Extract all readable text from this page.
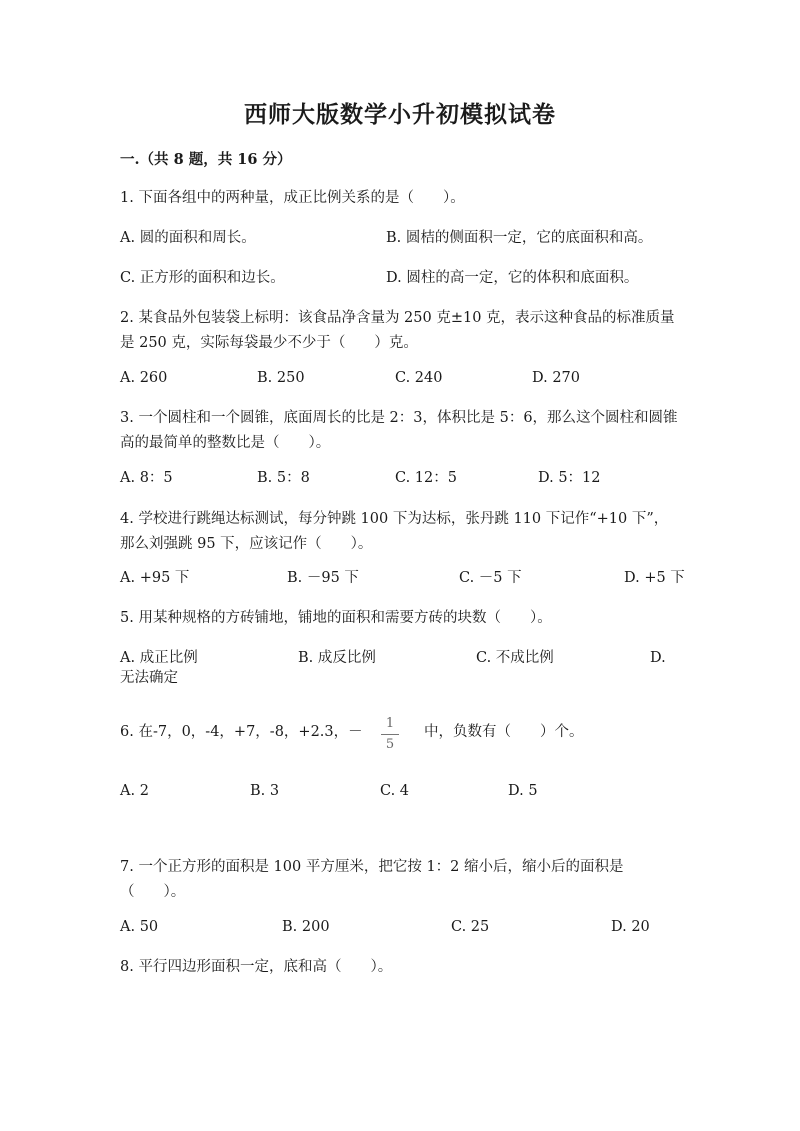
西师大版数学小升初模拟试卷
一.（共 8 题，共 16 分）
1. 下面各组中的两种量，成正比例关系的是（　　）。
A. 圆的面积和周长。	B. 圆桔的侧面积一定，它的底面积和高。
C. 正方形的面积和边长。	D. 圆柱的高一定，它的体积和底面积。
2. 某食品外包装袋上标明：该食品净含量为 250 克±10 克，表示这种食品的标准质量是 250 克，实际每袋最少不少于（　　）克。
A. 260	B. 250	C. 240	D. 270
3. 一个圆柱和一个圆锥，底面周长的比是 2：3，体积比是 5：6，那么这个圆柱和圆锥高的最简单的整数比是（　　）。
A. 8：5	B. 5：8	C. 12：5	D. 5：12
4. 学校进行跳绳达标测试，每分钟跳 100 下为达标，张丹跳 110 下记作“+10 下”，那么刘强跳 95 下，应该记作（　　）。
A. +95 下	B. －95 下	C. －5 下	D. +5 下
5. 用某种规格的方砖铺地，铺地的面积和需要方砖的块数（　　）。
A. 成正比例	B. 成反比例	C. 不成比例	D.
无法确定
6. 在-7，0，-4，+7，-8，+2.3，－
1
5
中，负数有（　　）个。
A. 2	B. 3	C. 4	D. 5
7. 一个正方形的面积是 100 平方厘米，把它按 1：2 缩小后，缩小后的面积是（　　）。
A. 50	B. 200	C. 25	D. 20
8. 平行四边形面积一定，底和高（　　）。
